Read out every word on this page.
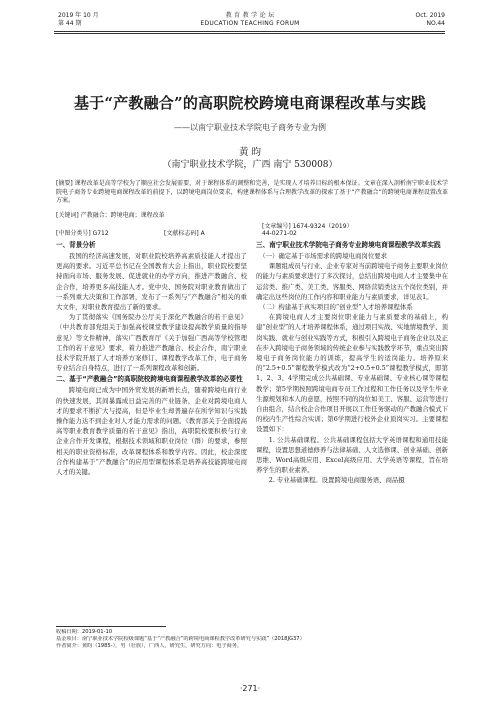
2019 年 10 月
第 44 期
教 育 教 学 论 坛
EDUCATION TEACHING FORUM
Oct. 2019
NO.44
基于“产教融合”的高职院校跨境电商课程改革与实践
——以南宁职业技术学院电子商务专业为例
黄 昀
（南宁职业技术学院，广西 南宁 530008）
[摘要] 课程改革是高等学校为了顺应社会发展需要，对于课程体系的调整和完善，是实现人才培养目标的根本保证。文章在深入剖析南宁职业技术学院电子商务专业跨境电商课程改革的前提下，以跨境电商岗位要求，构建课程体系与合理教学改革的探索了基于“产教融合”的跨境电商课程设置改革方案。
[关键词] 产教融合；跨境电商；课程改革
[中图分类号] G712	[文献标志码] A[文章编号] 1674-9324（2019）44-0271-02
一、背景分析

我国的经济高速发展，对职业院校培养高素质技能人才提出了更高的要求。习近平总书记在全国教育大会上指出，职业院校要坚持面向市场、服务发展、促进就业的办学方向，推进产教融合、校企合作，培养更多高技能人才。党中央、国务院对职业教育做出了一系列重大决策和工作部署，发布了一系列与“产教融合”相关的重大文件，对职业教育提出了新的要求。

为了贯彻落实《国务院办公厅关于深化产教融合的若干意见》（中共教育部党组关于加强高校课堂教学建设提高教学质量的指导意见）等文件精神，落实广西教育厅《关于加强广西高等学校管理工作的若干意见》要求，着力推进产教融合、校企合作，南宁职业技术学院开展了人才培养方案修订、课程教学改革工作，电子商务专业结合自身特点，进行了一系列课程改革和创新。

二、基于“产教融合”的高职院校跨境电商课程教学改革的必要性

跨境电商已成为中国外贸发展的新增长点，随着跨境电商行业的快速发展，其间暴露成日益完善的产业链条，企业对跨境电商人才的要求不断扩大与提高，但是毕业生却普遍存在所学知识与实践操作能力达不到企业对人才能力需求的问题。《教育部关于全面提高高等职业教育教学质量的若干意见》指出，高职院校要积极与行业企业合作开发课程，根据技术领域和职业岗位（群）的要求，参照相关的职业资格标准，改革课程体系和教学内容。因此，校企深度合作构建基于“产教融合”的应用型课程体系是培养高技能跨境电商人才的关键。

三、南宁职业技术学院电子商务专业跨境电商课程教学改革实践
（一）确定基于市场需求的跨境电商岗位要求

课题组成员与行业、企业专家对当前跨境电子商务主要职业岗位的能力与素质要求进行了多次探讨，总结出跨境电商人才主要集中在运营类、推广类、美工类、客服类、网络营销类这五个岗位类别，并确定出这些岗位的工作内容和职业能力与素质要求，详见表1。

（二）构建基于真实项目的“创业型”人才培养课程体系

在跨境电商人才主要岗位职业能力与素质要求的基础上，构建“创业型”的人才培养课程体系，通过项目实战、实地情境教学、顶岗实践、就业与创业实践等方式，积极引入跨境电子商务企业以及正在步入跨境电子商务领域的传统企业参与实践教学环节，重点突出跨境电子商务岗位能力的训练，提高学生的适岗能力。培养原来的“2.5+0.5”课程教学模式改为“2+0.5+0.5”课程教学模式，即第1、2、3、4学期完成公共基础课、专业基础课、专业核心课等课程教学；第5学期按照跨境电商专员工作过程和工作任务以及学生毕业生源规划和本人的意愿，按照不同的岗位如美工、客服、运营等进行自由组合，结合校企合作项目开展以工作任务驱动的产教融合模式下的校内生产性综合实训；第6学期进行校外企业顶岗实习。主要课程设置如下：

1. 公共基础课程。公共基础课程包括大学英语课程和通用技能课程，设置思想道德修养与法律基础、人文选修课、创业基础、创新思维、Word高级应用、Excel高级应用、大学英语等课程，旨在培养学生的职业素养。

2. 专业基础课程。设置跨境电商服务语、商品摄

收稿日期：2019-01-10
基金项目：南宁职业技术学院校级课题“基于“产教融合”的跨境电商课程教学改革研究与实践”（2018JG37）
作者简介：黄昀（1985-），男（壮族），广西人，研究生，研究方向：电子商务。
·271·
